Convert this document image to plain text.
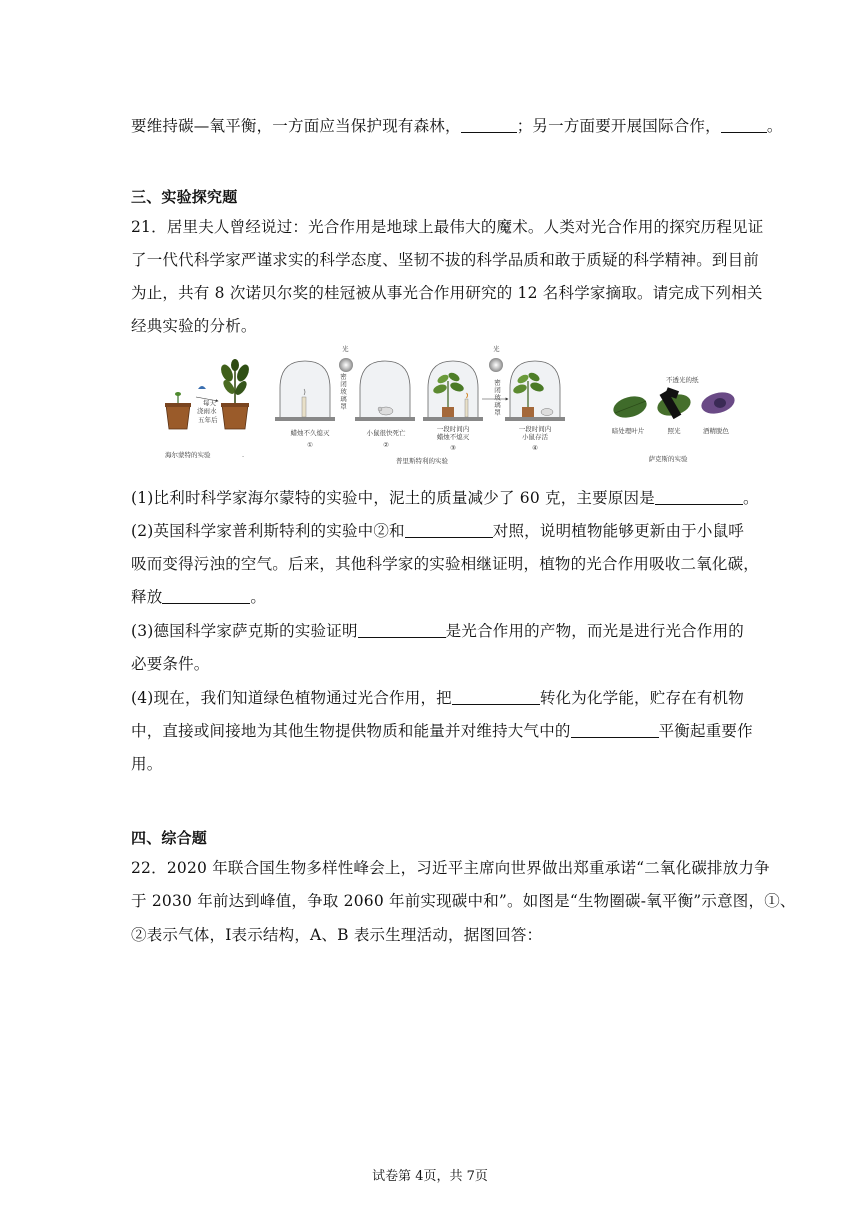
要维持碳—氧平衡，一方面应当保护现有森林，	；另一方面要开展国际合作，	。
三、实验探究题
21．居里夫人曾经说过：光合作用是地球上最伟大的魔术。人类对光合作用的探究历程见证
了一代代科学家严谨求实的科学态度、坚韧不拔的科学品质和敢于质疑的科学精神。到目前
为止，共有 8 次诺贝尔奖的桂冠被从事光合作用研究的 12 名科学家摘取。请完成下列相关
经典实验的分析。
每天
浇雨水
五年后
海尔蒙特的实验	.
光	光
蜡烛不久熄灭
①
密闭玻璃罩
小鼠很快死亡
②
一段时间内
蜡烛不熄灭
③
密闭玻璃罩
一段时间内
小鼠存活
④
普里斯特利的实验
不透光的纸
暗处理叶片	照光	酒精脱色
萨克斯的实验
(1)比利时科学家海尔蒙特的实验中，泥土的质量减少了 60 克，主要原因是	。
(2)英国科学家普利斯特利的实验中②和	对照，说明植物能够更新由于小鼠呼
吸而变得污浊的空气。后来，其他科学家的实验相继证明，植物的光合作用吸收二氧化碳，
释放	。
(3)德国科学家萨克斯的实验证明	是光合作用的产物，而光是进行光合作用的
必要条件。
(4)现在，我们知道绿色植物通过光合作用，把	转化为化学能，贮存在有机物
中，直接或间接地为其他生物提供物质和能量并对维持大气中的	平衡起重要作
用。
四、综合题
22．2020 年联合国生物多样性峰会上，习近平主席向世界做出郑重承诺“二氧化碳排放力争
于 2030 年前达到峰值，争取 2060 年前实现碳中和”。如图是“生物圈碳-氧平衡”示意图，①、
②表示气体，Ⅰ表示结构，A、B 表示生理活动，据图回答：
试卷第 4页，共 7页
